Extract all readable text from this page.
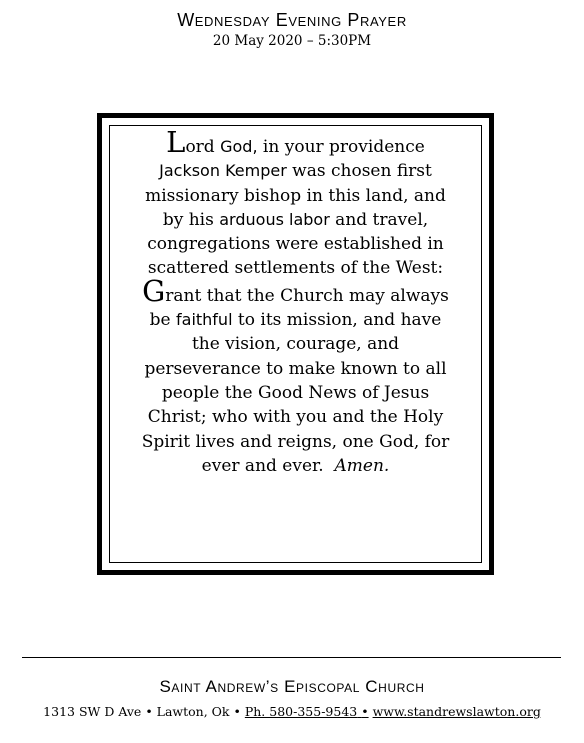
Wednesday Evening Prayer
20 May 2020 – 5:30PM
Lord God, in your providence
Jackson Kemper was chosen first
missionary bishop in this land, and
by his arduous labor and travel,
congregations were established in
scattered settlements of the West:
Grant that the Church may always
be faithful to its mission, and have
the vision, courage, and
perseverance to make known to all
people the Good News of Jesus
Christ; who with you and the Holy
Spirit lives and reigns, one God, for
ever and ever. Amen.
Saint Andrew’s Episcopal Church
1313 SW D Ave • Lawton, Ok • Ph. 580-355-9543 • www.standrewslawton.org
